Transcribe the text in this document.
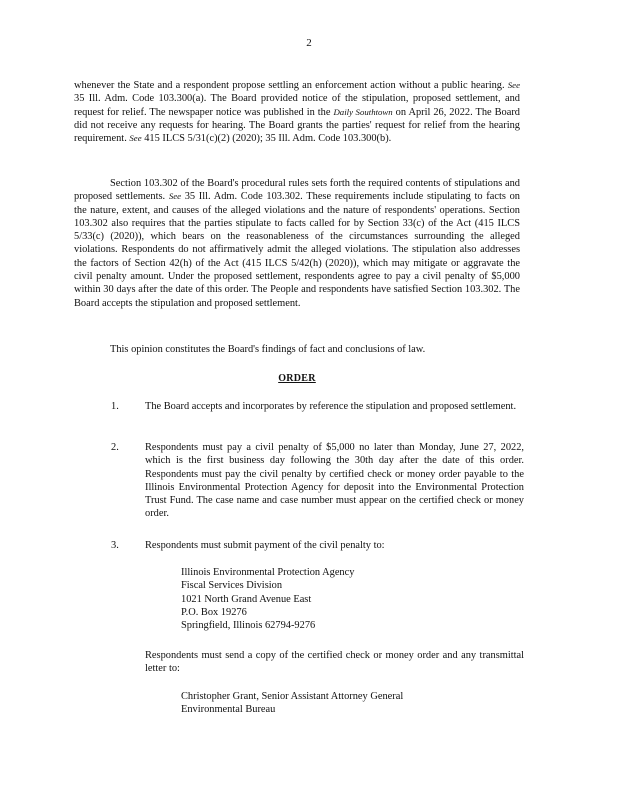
2

whenever the State and a respondent propose settling an enforcement action without a public hearing. See 35 Ill. Adm. Code 103.300(a). The Board provided notice of the stipulation, proposed settlement, and request for relief. The newspaper notice was published in the Daily Southtown on April 26, 2022. The Board did not receive any requests for hearing. The Board grants the parties' request for relief from the hearing requirement. See 415 ILCS 5/31(c)(2) (2020); 35 Ill. Adm. Code 103.300(b).

Section 103.302 of the Board's procedural rules sets forth the required contents of stipulations and proposed settlements. See 35 Ill. Adm. Code 103.302. These requirements include stipulating to facts on the nature, extent, and causes of the alleged violations and the nature of respondents' operations. Section 103.302 also requires that the parties stipulate to facts called for by Section 33(c) of the Act (415 ILCS 5/33(c) (2020)), which bears on the reasonableness of the circumstances surrounding the alleged violations. Respondents do not affirmatively admit the alleged violations. The stipulation also addresses the factors of Section 42(h) of the Act (415 ILCS 5/42(h) (2020)), which may mitigate or aggravate the civil penalty amount. Under the proposed settlement, respondents agree to pay a civil penalty of $5,000 within 30 days after the date of this order. The People and respondents have satisfied Section 103.302. The Board accepts the stipulation and proposed settlement.

This opinion constitutes the Board's findings of fact and conclusions of law.

ORDER

1.	The Board accepts and incorporates by reference the stipulation and proposed settlement.

2.	Respondents must pay a civil penalty of $5,000 no later than Monday, June 27, 2022, which is the first business day following the 30th day after the date of this order. Respondents must pay the civil penalty by certified check or money order payable to the Illinois Environmental Protection Agency for deposit into the Environmental Protection Trust Fund. The case name and case number must appear on the certified check or money order.

3.	Respondents must submit payment of the civil penalty to:

Illinois Environmental Protection Agency
Fiscal Services Division
1021 North Grand Avenue East
P.O. Box 19276
Springfield, Illinois 62794-9276

Respondents must send a copy of the certified check or money order and any transmittal letter to:

Christopher Grant, Senior Assistant Attorney General
Environmental Bureau
